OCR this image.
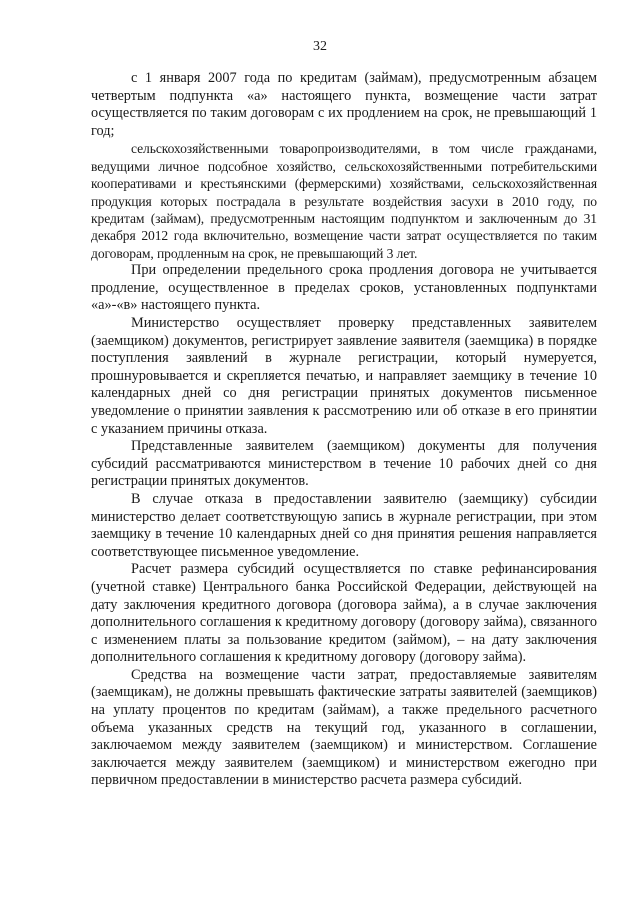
32

с 1 января 2007 года по кредитам (займам), предусмотренным абзацем четвертым подпункта «а» настоящего пункта, возмещение части затрат осуществляется по таким договорам с их продлением на срок, не превышающий 1 год;

сельскохозяйственными товаропроизводителями, в том числе гражданами, ведущими личное подсобное хозяйство, сельскохозяйственными потребительскими кооперативами и крестьянскими (фермерскими) хозяйствами, сельскохозяйственная продукция которых пострадала в результате воздействия засухи в 2010 году, по кредитам (займам), предусмотренным настоящим подпунктом и заключенным до 31 декабря 2012 года включительно, возмещение части затрат осуществляется по таким договорам, продленным на срок, не превышающий 3 лет.

При определении предельного срока продления договора не учитывается продление, осуществленное в пределах сроков, установленных подпунктами «а»-«в» настоящего пункта.

Министерство осуществляет проверку представленных заявителем (заемщиком) документов, регистрирует заявление заявителя (заемщика) в порядке поступления заявлений в журнале регистрации, который нумеруется, прошнуровывается и скрепляется печатью, и направляет заемщику в течение 10 календарных дней со дня регистрации принятых документов письменное уведомление о принятии заявления к рассмотрению или об отказе в его принятии с указанием причины отказа.

Представленные заявителем (заемщиком) документы для получения субсидий рассматриваются министерством в течение 10 рабочих дней со дня регистрации принятых документов.

В случае отказа в предоставлении заявителю (заемщику) субсидии министерство делает соответствующую запись в журнале регистрации, при этом заемщику в течение 10 календарных дней со дня принятия решения направляется соответствующее письменное уведомление.

Расчет размера субсидий осуществляется по ставке рефинансирования (учетной ставке) Центрального банка Российской Федерации, действующей на дату заключения кредитного договора (договора займа), а в случае заключения дополнительного соглашения к кредитному договору (договору займа), связанного с изменением платы за пользование кредитом (займом), – на дату заключения дополнительного соглашения к кредитному договору (договору займа).

Средства на возмещение части затрат, предоставляемые заявителям (заемщикам), не должны превышать фактические затраты заявителей (заемщиков) на уплату процентов по кредитам (займам), а также предельного расчетного объема указанных средств на текущий год, указанного в соглашении, заключаемом между заявителем (заемщиком) и министерством. Соглашение заключается между заявителем (заемщиком) и министерством ежегодно при первичном предоставлении в министерство расчета размера субсидий.
